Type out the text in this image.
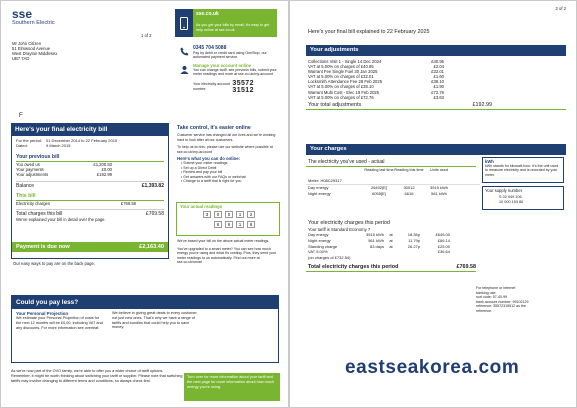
sse
Southern Electric
1 of 2
Mr John Citizen
51 Elmwood Avenue
West Drayton Middlesex
UB7 7AD
sse.co.uk
As you get your bills by email, it's easy to get help online at sse.co.uk
0345 704 5088
Pay by debit or credit card using OneStop, our automated payment service.
Manage your account online
You can change tariff, see previous bills, submit your meter readings and more at sse.co.uk/my-account
Your electricity account number:
35572 31512
F
Here's your final electricity bill
For the period: 01 December 2014 to 22 February 2015
Dated:	9 March 2015
Your previous bill
You owed us	£1,200.83
Your payments	£0.00
Your adjustments	£192.99
Balance	£1,393.82
This bill
Electricity charges	£769.58
Total charges this bill	£769.58
We've explained your bill in detail over the page.
Payment is due now	£2,163.40
Our easy ways to pay are on the back page.
Take control, it's easier online
Customer service has changed all our lives and we're working hard to look after all our customers.
To help us do this, please use our website where possible at sse.co.uk/my-account
Here's what you can do online:
• Submit your meter readings
• Set up a Direct Debit
• Review and pay your bill
• Get answers with our FAQs or webchat
• Change to a tariff that is right for you
Your actual readings
3	0	0	1	2
6	6	1	8
We've based your bill on the above actual meter readings.
You've upgraded to a smart meter? You can see how much energy you're using and what it's costing. Plus, they send your meter readings to us automatically. Find out more at sse.co.uk/smart
Could you pay less?
Your Personal Projection
We estimate your Personal Projection of costs for the next 12 months will be £0.00, including VAT and any discounts. For more information see overleaf.
We believe in giving great deals to every customer, not just new ones. That's why we have a range of tariffs and bundles that could help you to save money.
As we're now part of the OVO family, we're able to offer you a wider choice of tariff options. Remember, it might be worth thinking about switching your tariff or supplier. Please note that switching tariffs may involve changing to different terms and conditions, so always check first.
Turn over for more information about your tariff and the next page for more information about how much energy you're using.
2 of 2
Here's your final bill explained to 22 February 2025
Your adjustments
Collections Visit 1 - Single 14 Dec 2024	£40.95
VAT at 5.00% on charges of £40.95	£2.04
Warrant Fee Single Fuel 30 Jan 2025	£32.01
VAT at 5.00% on charges of £32.01	£1.60
Locksmith Attendance Fee 28 Feb 2025	£38.10
VAT at 5.00% on charges of £38.10	£1.90
Warrant Multi Cost - Elec 19 Feb 2025	£72.76
VAT at 5.00% on charges of £72.76	£3.63
Your total adjustments	£192.99
Your charges
The electricity you've used - actual
Reading last time Reading this time	Units used
Meter: H08C29317
Day energy	26492[E]	30012	3515 kWh
Night energy	6055[E]	6616	561 kWh
kWh
kWh stands for kilowatt-hour. It's the unit used to measure electricity and is recorded by your meter.
Your supply number
S 02 949 106
10 000 153 86
Your electricity charges this period
Your tariff is Standard Economy 7
Day energy	3515 kWh	at	18.35p	£645.00
Night energy	561 kWh	at	11.79p	£66.14
Standing charge	83 days	at	26.27p	£25.00
VAT 5.00%	£36.64
(on charges of £732.54)
Total electricity charges this period	£769.58
For telephone or internet
banking use:
sort code: 57-40-99
bank account number: 99102129
reference: 35572315512 as the
reference.
eastseakorea.com
